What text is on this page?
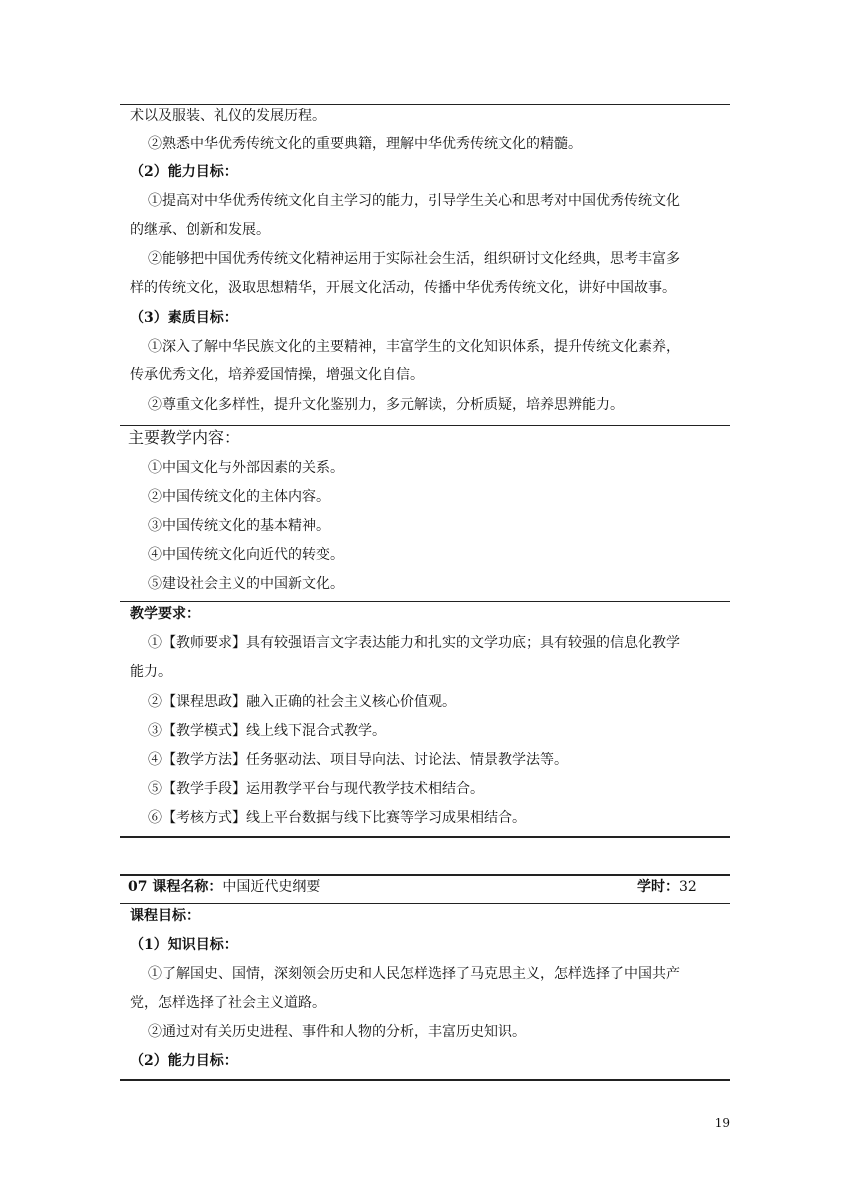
术以及服装、礼仪的发展历程。
②熟悉中华优秀传统文化的重要典籍，理解中华优秀传统文化的精髓。
（2）能力目标：
①提高对中华优秀传统文化自主学习的能力，引导学生关心和思考对中国优秀传统文化
的继承、创新和发展。
②能够把中国优秀传统文化精神运用于实际社会生活，组织研讨文化经典，思考丰富多
样的传统文化，汲取思想精华，开展文化活动，传播中华优秀传统文化，讲好中国故事。
（3）素质目标：
①深入了解中华民族文化的主要精神，丰富学生的文化知识体系，提升传统文化素养，
传承优秀文化，培养爱国情操，增强文化自信。
②尊重文化多样性，提升文化鉴别力，多元解读，分析质疑，培养思辨能力。
主要教学内容：
①中国文化与外部因素的关系。
②中国传统文化的主体内容。
③中国传统文化的基本精神。
④中国传统文化向近代的转变。
⑤建设社会主义的中国新文化。
教学要求：
①【教师要求】具有较强语言文字表达能力和扎实的文学功底；具有较强的信息化教学
能力。
②【课程思政】融入正确的社会主义核心价值观。
③【教学模式】线上线下混合式教学。
④【教学方法】任务驱动法、项目导向法、讨论法、情景教学法等。
⑤【教学手段】运用教学平台与现代教学技术相结合。
⑥【考核方式】线上平台数据与线下比赛等学习成果相结合。
07 课程名称：中国近代史纲要	学时：32
课程目标：
（1）知识目标：
①了解国史、国情，深刻领会历史和人民怎样选择了马克思主义，怎样选择了中国共产
党，怎样选择了社会主义道路。
②通过对有关历史进程、事件和人物的分析，丰富历史知识。
（2）能力目标：
19
